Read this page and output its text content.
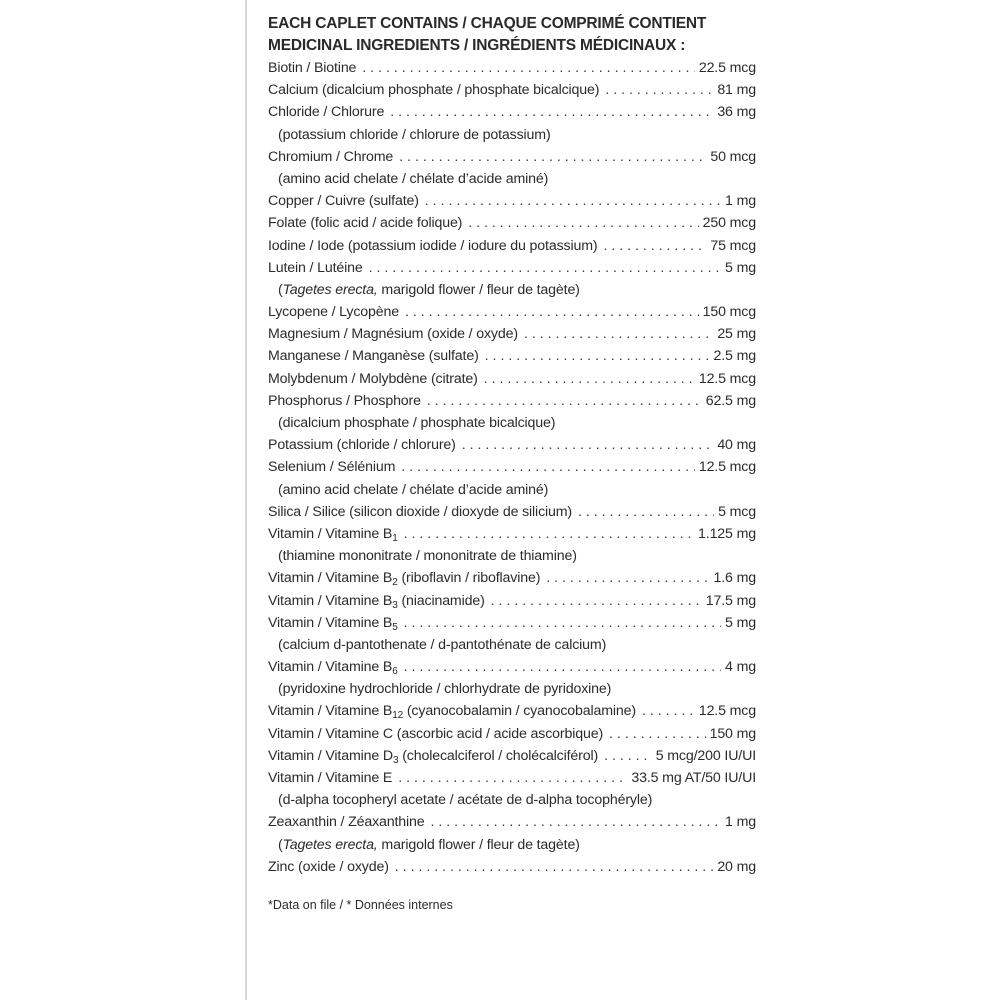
EACH CAPLET CONTAINS / CHAQUE COMPRIMÉ CONTIENT
MEDICINAL INGREDIENTS / INGRÉDIENTS MÉDICINAUX :
Biotin / Biotine . . .	22.5 mcg
Calcium (dicalcium phosphate / phosphate bicalcique) . . .	81 mg
Chloride / Chlorure . . .	36 mg
(potassium chloride / chlorure de potassium)
Chromium / Chrome . . .	50 mcg
(amino acid chelate / chélate d’acide aminé)
Copper / Cuivre (sulfate) . . .	1 mg
Folate (folic acid / acide folique) . . .	250 mcg
Iodine / Iode (potassium iodide / iodure du potassium) . . .	75 mcg
Lutein / Lutéine . . .	5 mg
(Tagetes erecta, marigold flower / fleur de tagète)
Lycopene / Lycopène . . .	150 mcg
Magnesium / Magnésium (oxide / oxyde) . . .	25 mg
Manganese / Manganèse (sulfate) . . .	2.5 mg
Molybdenum / Molybdène (citrate) . . .	12.5 mcg
Phosphorus / Phosphore . . .	62.5 mg
(dicalcium phosphate / phosphate bicalcique)
Potassium (chloride / chlorure) . . .	40 mg
Selenium / Sélénium . . .	12.5 mcg
(amino acid chelate / chélate d’acide aminé)
Silica / Silice (silicon dioxide / dioxyde de silicium) . . .	5 mcg
Vitamin / Vitamine $B_1$ . . .	1.125 mg
(thiamine mononitrate / mononitrate de thiamine)
Vitamin / Vitamine $B_2$ (riboflavin / riboflavine) . . .	1.6 mg
Vitamin / Vitamine $B_3$ (niacinamide) . . .	17.5 mg
Vitamin / Vitamine $B_5$ . . .	5 mg
(calcium d-pantothenate / d-pantothénate de calcium)
Vitamin / Vitamine $B_6$ . . .	4 mg
(pyridoxine hydrochloride / chlorhydrate de pyridoxine)
Vitamin / Vitamine $B_{12}$ (cyanocobalamin / cyanocobalamine) . . .	12.5 mcg
Vitamin / Vitamine C (ascorbic acid / acide ascorbique) . . .	150 mg
Vitamin / Vitamine $D_3$ (cholecalciferol / cholécalciférol) . . .	5 mcg/200 IU/UI
Vitamin / Vitamine E . . .	33.5 mg AT/50 IU/UI
(d-alpha tocopheryl acetate / acétate de d-alpha tocophéryle)
Zeaxanthin / Zéaxanthine . . .	1 mg
(Tagetes erecta, marigold flower / fleur de tagète)
Zinc (oxide / oxyde) . . .	20 mg
*Data on file / * Données internes
